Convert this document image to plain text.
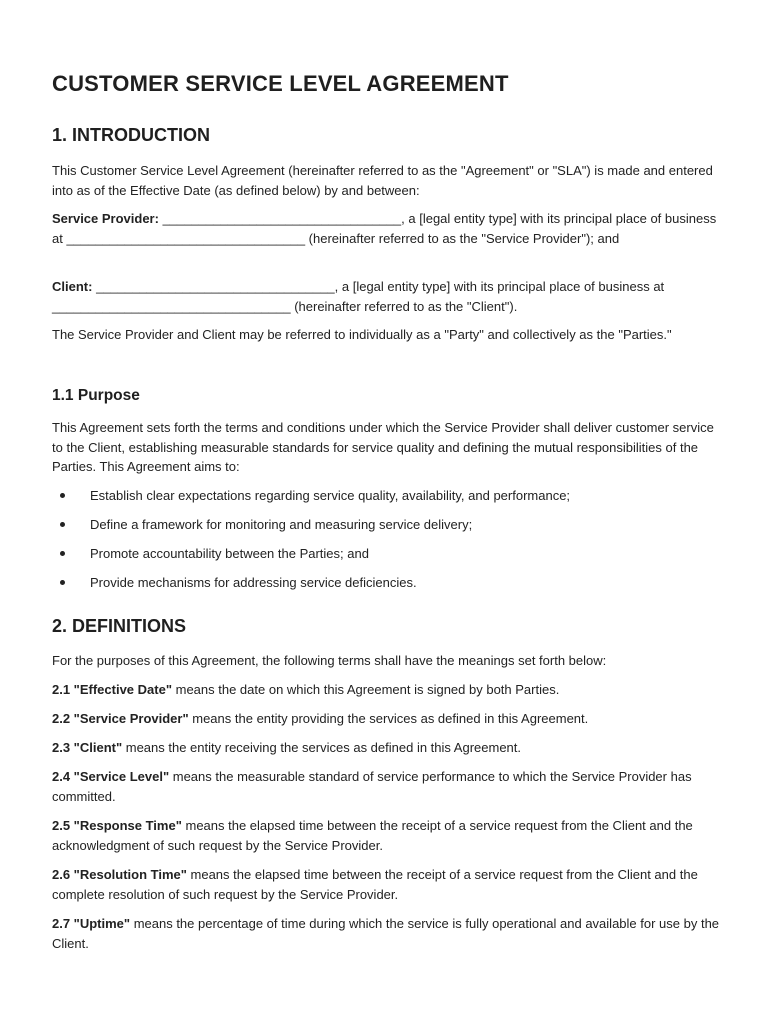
CUSTOMER SERVICE LEVEL AGREEMENT
1. INTRODUCTION

This Customer Service Level Agreement (hereinafter referred to as the "Agreement" or "SLA") is made and entered into as of the Effective Date (as defined below) by and between:

Service Provider: _________________________________, a [legal entity type] with its principal place of business at _________________________________ (hereinafter referred to as the "Service Provider"); and

Client: _________________________________, a [legal entity type] with its principal place of business at _________________________________ (hereinafter referred to as the "Client").

The Service Provider and Client may be referred to individually as a "Party" and collectively as the "Parties."

1.1 Purpose

This Agreement sets forth the terms and conditions under which the Service Provider shall deliver customer service to the Client, establishing measurable standards for service quality and defining the mutual responsibilities of the Parties. This Agreement aims to:

Establish clear expectations regarding service quality, availability, and performance;
Define a framework for monitoring and measuring service delivery;
Promote accountability between the Parties; and
Provide mechanisms for addressing service deficiencies.
2. DEFINITIONS

For the purposes of this Agreement, the following terms shall have the meanings set forth below:

2.1 "Effective Date" means the date on which this Agreement is signed by both Parties.

2.2 "Service Provider" means the entity providing the services as defined in this Agreement.

2.3 "Client" means the entity receiving the services as defined in this Agreement.

2.4 "Service Level" means the measurable standard of service performance to which the Service Provider has committed.

2.5 "Response Time" means the elapsed time between the receipt of a service request from the Client and the acknowledgment of such request by the Service Provider.

2.6 "Resolution Time" means the elapsed time between the receipt of a service request from the Client and the complete resolution of such request by the Service Provider.

2.7 "Uptime" means the percentage of time during which the service is fully operational and available for use by the Client.
